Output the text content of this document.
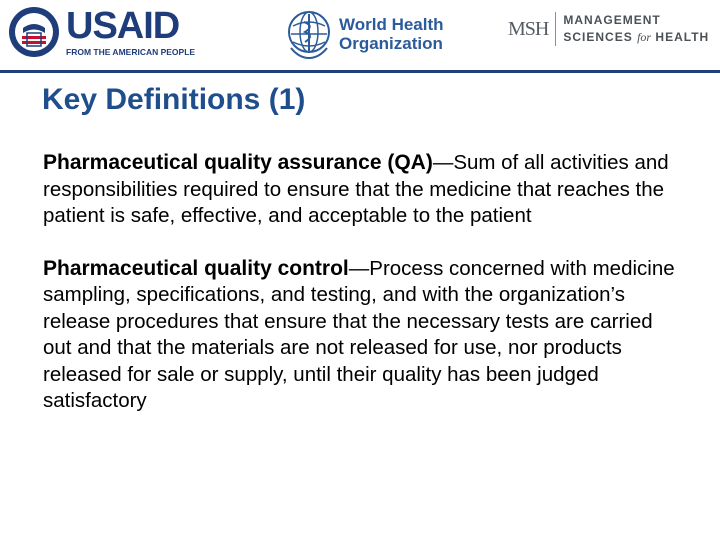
USAID
FROM THE AMERICAN PEOPLE
World Health
Organization
MSH MANAGEMENT
SCIENCES for HEALTH
Key Definitions (1)

Pharmaceutical quality assurance (QA)—Sum of all activities and responsibilities required to ensure that the medicine that reaches the patient is safe, effective, and acceptable to the patient

Pharmaceutical quality control—Process concerned with medicine sampling, specifications, and testing, and with the organization’s release procedures that ensure that the necessary tests are carried out and that the materials are not released for use, nor products released for sale or supply, until their quality has been judged satisfactory
